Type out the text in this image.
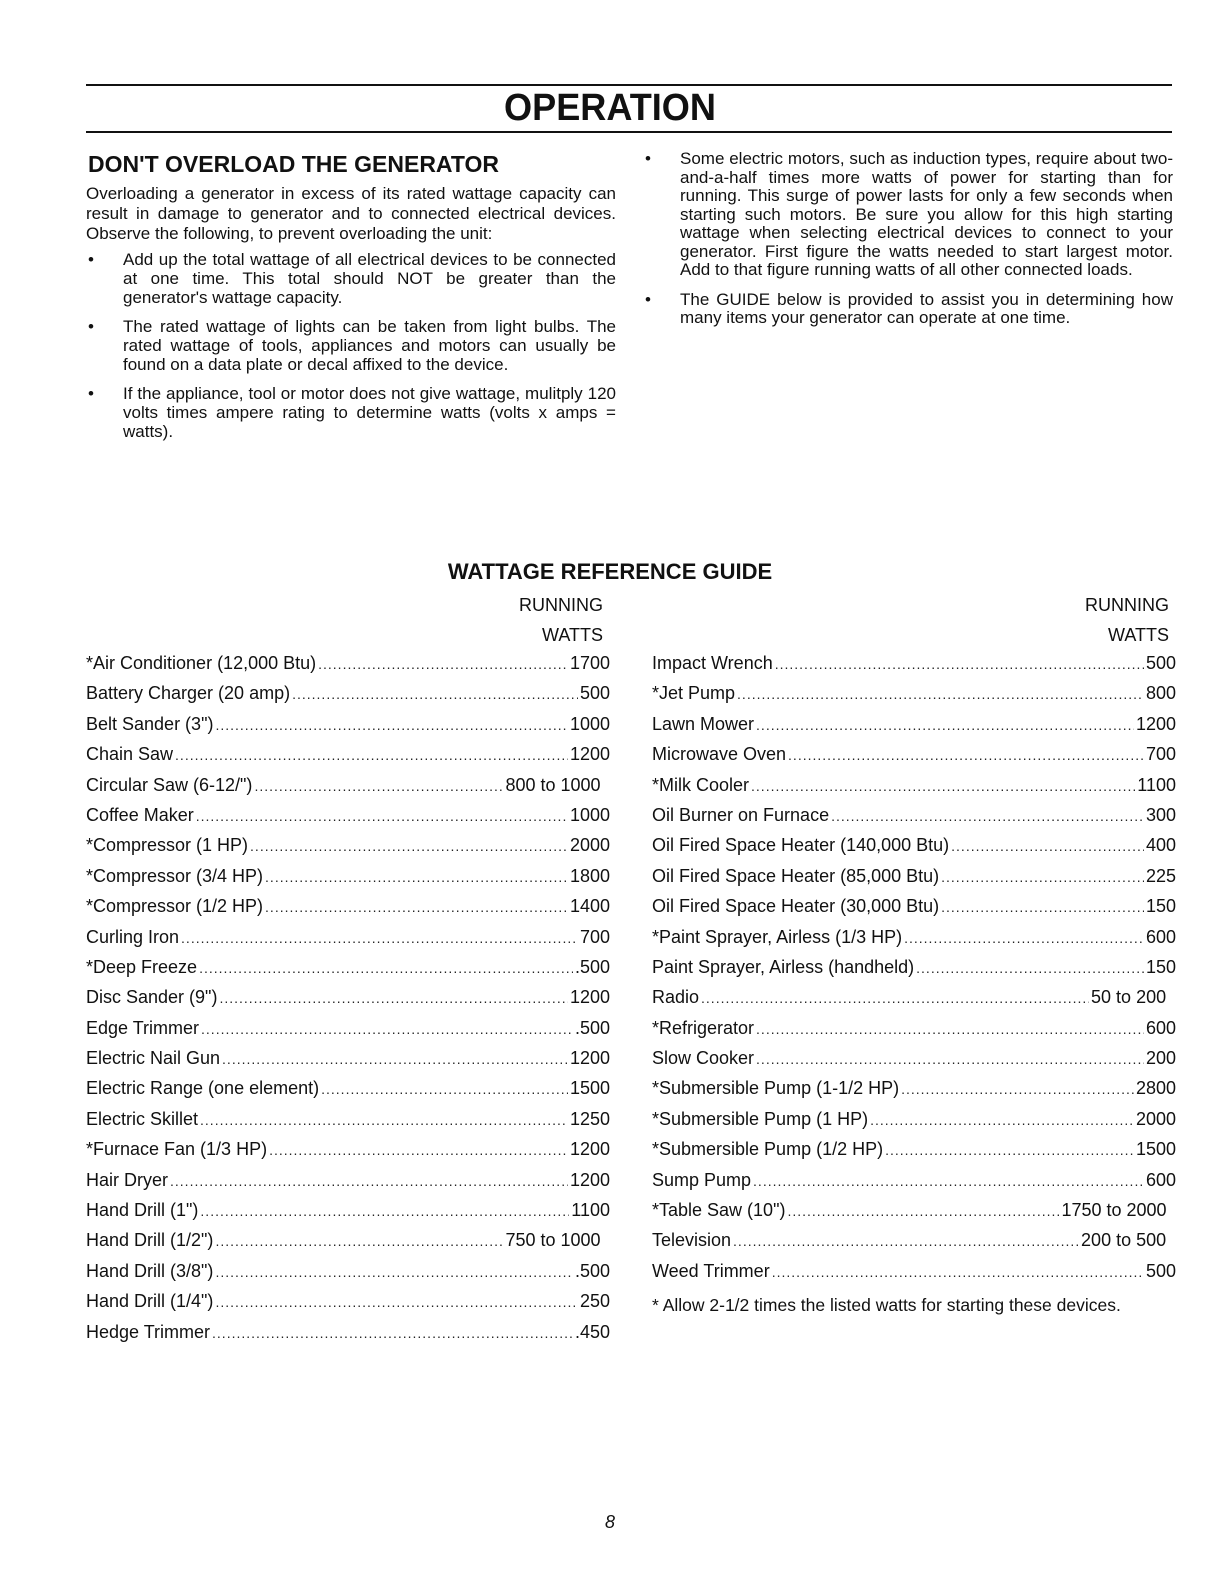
OPERATION
DON'T OVERLOAD THE GENERATOR

Overloading a generator in excess of its rated wattage capacity can result in damage to generator and to connected electrical devices. Observe the following, to prevent overloading the unit:

• Add up the total wattage of all electrical devices to be connected at one time. This total should NOT be greater than the generator's wattage capacity.
• The rated wattage of lights can be taken from light bulbs. The rated wattage of tools, appliances and motors can usually be found on a data plate or decal affixed to the device.
• If the appliance, tool or motor does not give wattage, mulitply 120 volts times ampere rating to determine watts (volts x amps = watts).
• Some electric motors, such as induction types, require about two-and-a-half times more watts of power for starting than for running. This surge of power lasts for only a few seconds when starting such motors. Be sure you allow for this high starting wattage when selecting electrical devices to connect to your generator. First figure the watts needed to start largest motor. Add to that figure running watts of all other connected loads.
• The GUIDE below is provided to assist you in determining how many items your generator can operate at one time.
WATTAGE REFERENCE GUIDE
RUNNING
WATTS
RUNNING
WATTS
*Air Conditioner (12,000 Btu) .....	1700
Battery Charger (20 amp) .....	500
Belt Sander (3") .....	1000
Chain Saw .....	1200
Circular Saw (6-12/") .....	800 to 1000
Coffee Maker .....	1000
*Compressor (1 HP) .....	2000
*Compressor (3/4 HP) .....	1800
*Compressor (1/2 HP) .....	1400
Curling Iron .....	700
*Deep Freeze .....	.500
Disc Sander (9") .....	1200
Edge Trimmer .....	.500
Electric Nail Gun .....	1200
Electric Range (one element) .....	1500
Electric Skillet .....	1250
*Furnace Fan (1/3 HP) .....	1200
Hair Dryer .....	1200
Hand Drill (1") .....	1100
Hand Drill (1/2") .....	750 to 1000
Hand Drill (3/8") .....	.500
Hand Drill (1/4") .....	250
Hedge Trimmer .....	.450
Impact Wrench .....	500
*Jet Pump .....	800
Lawn Mower .....	1200
Microwave Oven .....	700
*Milk Cooler .....	1100
Oil Burner on Furnace .....	300
Oil Fired Space Heater (140,000 Btu) .....	400
Oil Fired Space Heater (85,000 Btu) .....	225
Oil Fired Space Heater (30,000 Btu) .....	150
*Paint Sprayer, Airless (1/3 HP) .....	600
Paint Sprayer, Airless (handheld) .....	150
Radio .....	50 to 200
*Refrigerator .....	600
Slow Cooker .....	200
*Submersible Pump (1-1/2 HP) .....	2800
*Submersible Pump (1 HP) .....	2000
*Submersible Pump (1/2 HP) .....	1500
Sump Pump .....	600
*Table Saw (10") .....	1750 to 2000
Television .....	200 to 500
Weed Trimmer .....	500
* Allow 2-1/2 times the listed watts for starting these devices.
8
